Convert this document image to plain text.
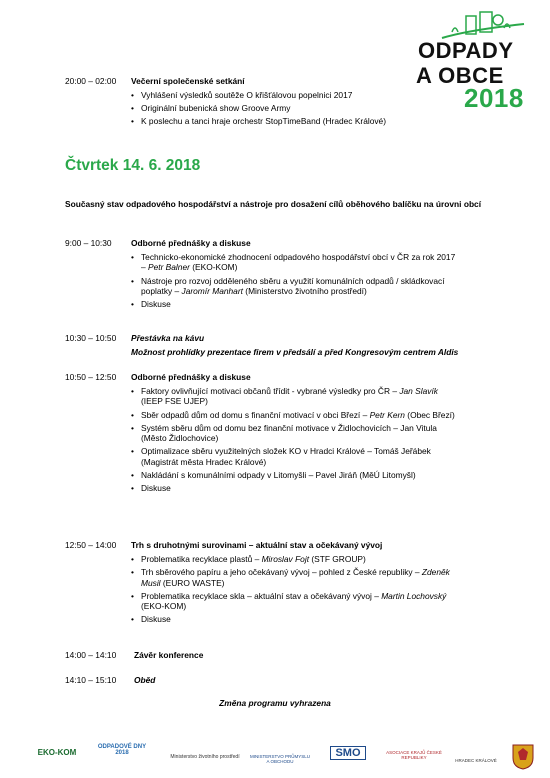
ODPADY
A OBCE
2018
20:00 – 02:00 Večerní společenské setkání
• Vyhlášení výsledků soutěže O křišťálovou popelnici 2017
• Originální bubenická show Groove Army
• K poslechu a tanci hraje orchestr StopTimeBand (Hradec Králové)
Čtvrtek 14. 6. 2018
Současný stav odpadového hospodářství a nástroje pro dosažení cílů oběhového balíčku na úrovni obcí
9:00 – 10:30 Odborné přednášky a diskuse
• Technicko-ekonomické zhodnocení odpadového hospodářství obcí v ČR za rok 2017 – Petr Balner (EKO-KOM)
• Nástroje pro rozvoj odděleného sběru a využití komunálních odpadů / skládkovací poplatky – Jaromír Manhart (Ministerstvo životního prostředí)
• Diskuse
10:30 – 10:50 Přestávka na kávu
Možnost prohlídky prezentace firem v předsálí a před Kongresovým centrem Aldis
10:50 – 12:50 Odborné přednášky a diskuse
• Faktory ovlivňující motivaci občanů třídit - vybrané výsledky pro ČR – Jan Slavík (IEEP FSE UJEP)
• Sběr odpadů dům od domu s finanční motivací v obci Březí – Petr Kern (Obec Březí)
• Systém sběru dům od domu bez finanční motivace v Židlochovicích – Jan Vitula (Město Židlochovice)
• Optimalizace sběru využitelných složek KO v Hradci Králové – Tomáš Jeřábek (Magistrát města Hradec Králové)
• Nakládání s komunálními odpady v Litomyšli – Pavel Jiráň (MěÚ Litomyšl)
• Diskuse
12:50 – 14:00 Trh s druhotnými surovinami – aktuální stav a očekávaný vývoj
• Problematika recyklace plastů – Miroslav Fojt (STF GROUP)
• Trh sběrového papíru a jeho očekávaný vývoj – pohled z České republiky – Zdeněk Musil (EURO WASTE)
• Problematika recyklace skla – aktuální stav a očekávaný vývoj – Martin Lochovský (EKO-KOM)
• Diskuse
14:00 – 14:10 Závěr konference
14:10 – 15:10 Oběd
Změna programu vyhrazena
EKO-KOM
ODPADOVÉ DNY 2018
Ministerstvo životního prostředí	MINISTERSTVO PRŮMYSLU A OBCHODU
SMO	ASOCIACE KRAJŮ ČESKÉ REPUBLIKY
HRADEC KRÁLOVÉ
